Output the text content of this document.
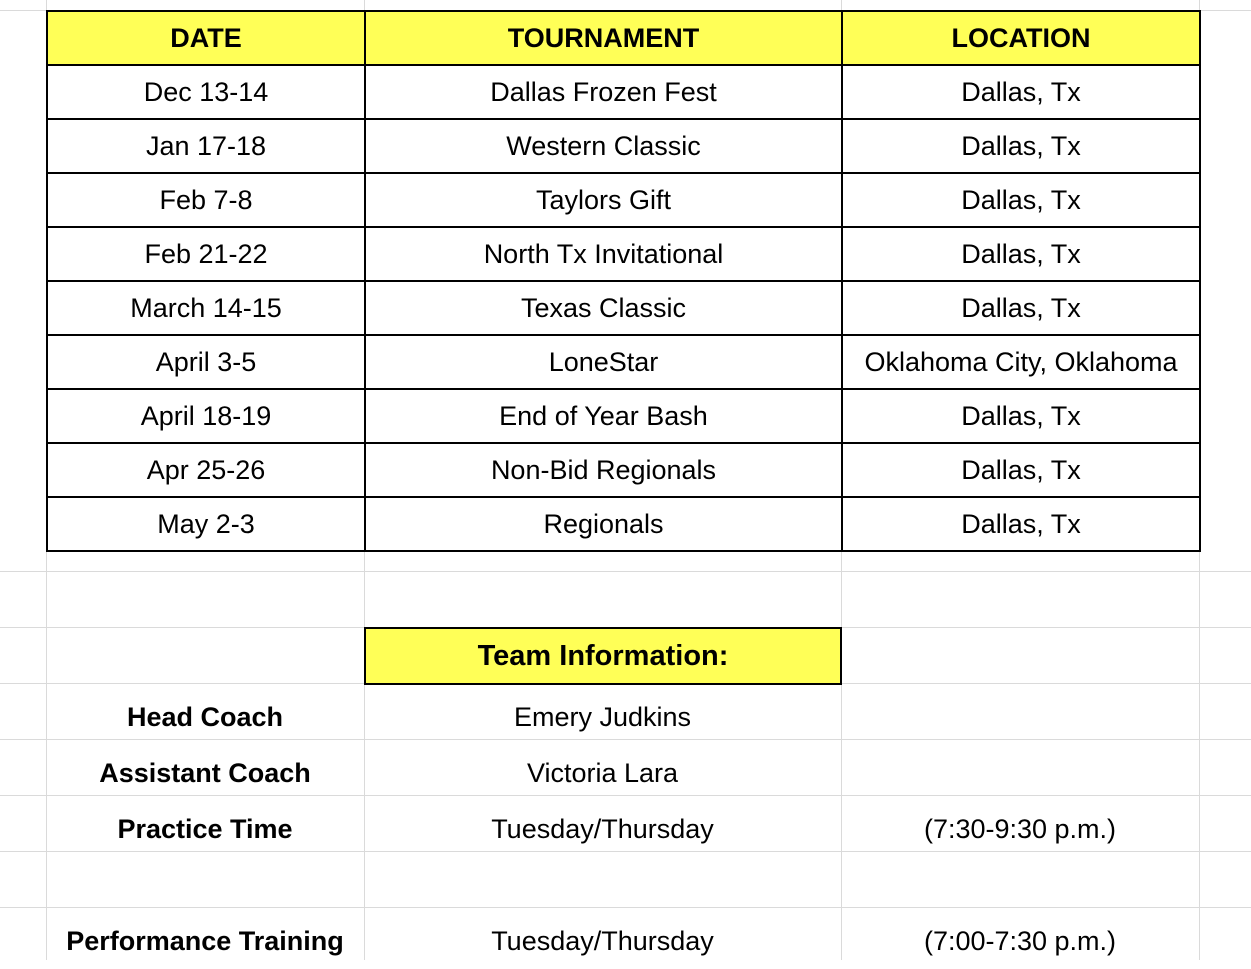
DATE	TOURNAMENT	LOCATION
Dec 13-14	Dallas Frozen Fest	Dallas, Tx
Jan 17-18	Western Classic	Dallas, Tx
Feb 7-8	Taylors Gift	Dallas, Tx
Feb 21-22	North Tx Invitational	Dallas, Tx
March 14-15	Texas Classic	Dallas, Tx
April 3-5	LoneStar	Oklahoma City, Oklahoma
April 18-19	End of Year Bash	Dallas, Tx
Apr 25-26	Non-Bid Regionals	Dallas, Tx
May 2-3	Regionals	Dallas, Tx
Team Information:
Head Coach	Emery Judkins
Assistant Coach	Victoria Lara
Practice Time	Tuesday/Thursday	(7:30-9:30 p.m.)
Performance Training	Tuesday/Thursday	(7:00-7:30 p.m.)
